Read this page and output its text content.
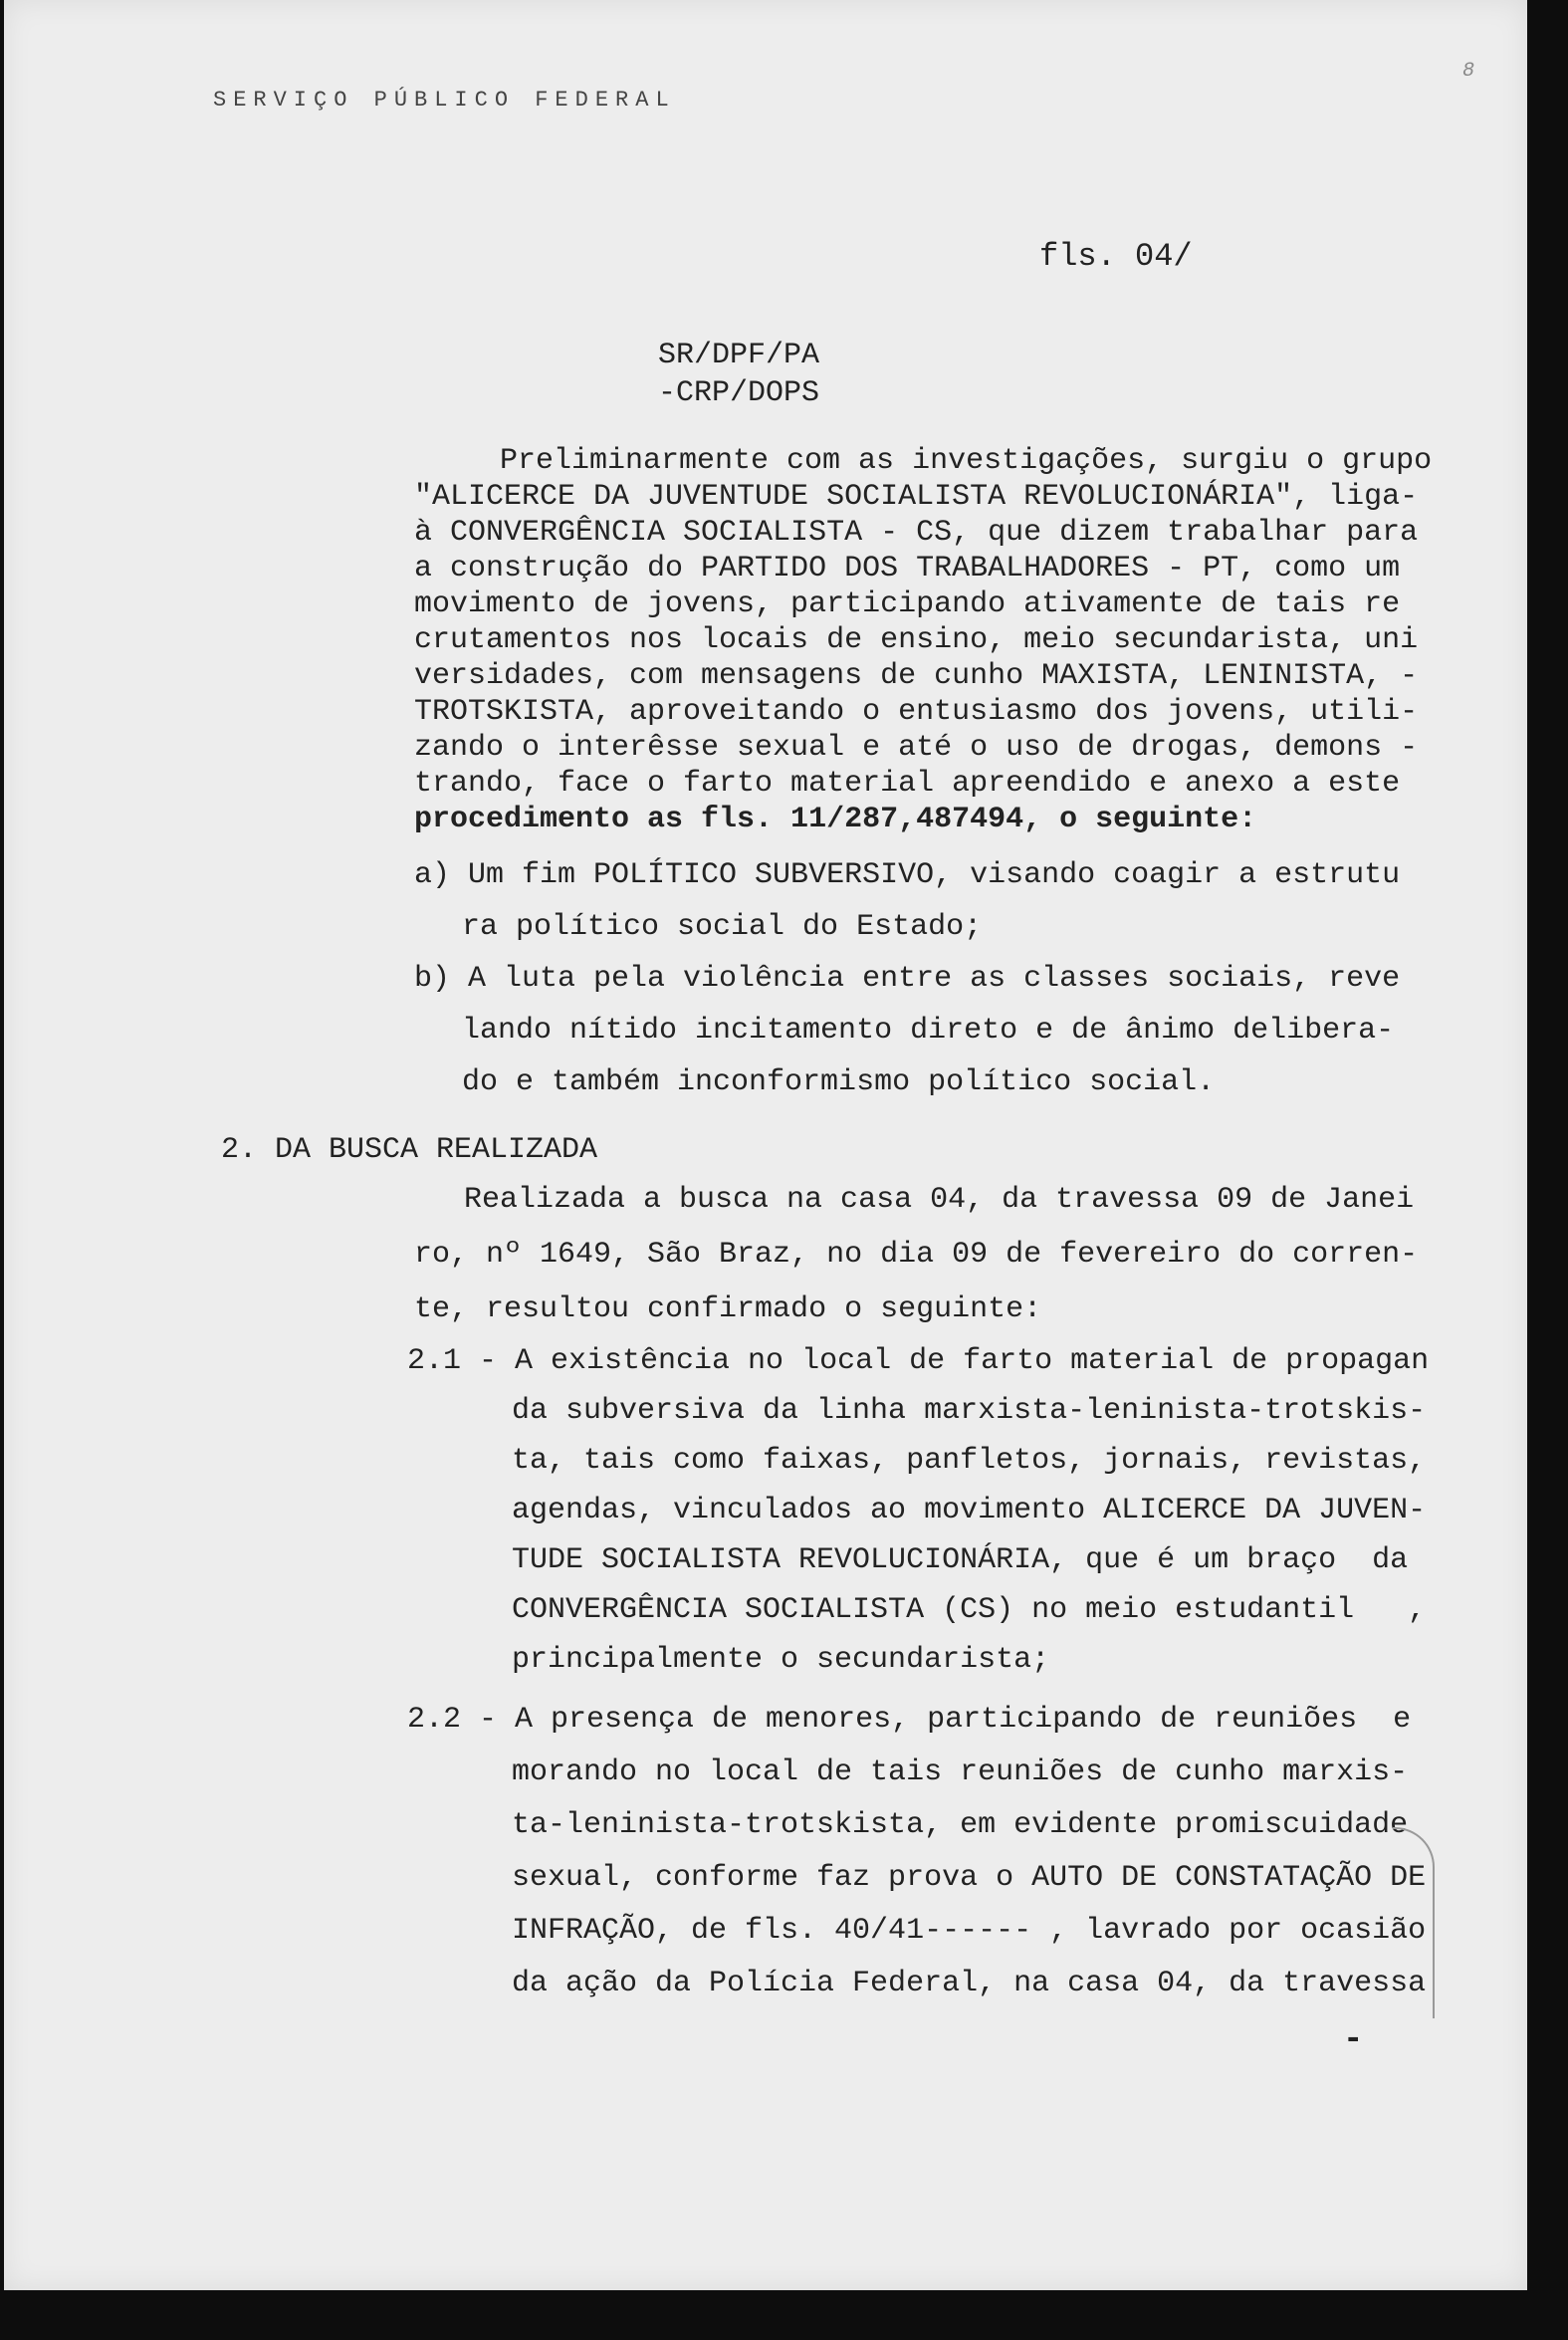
SERVIÇO PÚBLICO FEDERAL
8
fls. 04/
SR/DPF/PA
-CRP/DOPS
Preliminarmente com as investigações, surgiu o grupo
"ALICERCE DA JUVENTUDE SOCIALISTA REVOLUCIONÁRIA", liga-
à CONVERGÊNCIA SOCIALISTA - CS, que dizem trabalhar para
a construção do PARTIDO DOS TRABALHADORES - PT, como um
movimento de jovens, participando ativamente de tais re
crutamentos nos locais de ensino, meio secundarista, uni
versidades, com mensagens de cunho MAXISTA, LENINISTA, -
TROTSKISTA, aproveitando o entusiasmo dos jovens, utili-
zando o interêsse sexual e até o uso de drogas, demons -
trando, face o farto material apreendido e anexo a este
procedimento as fls. 11/287,487494, o seguinte:
a) Um fim POLÍTICO SUBVERSIVO, visando coagir a estrutu
ra político social do Estado;
b) A luta pela violência entre as classes sociais, reve
lando nítido incitamento direto e de ânimo delibera-
do e também inconformismo político social.
2. DA BUSCA REALIZADA
Realizada a busca na casa 04, da travessa 09 de Janei
ro, nº 1649, São Braz, no dia 09 de fevereiro do corren-
te, resultou confirmado o seguinte:
2.1 - A existência no local de farto material de propagan
da subversiva da linha marxista-leninista-trotskis-
ta, tais como faixas, panfletos, jornais, revistas,
agendas, vinculados ao movimento ALICERCE DA JUVEN-
TUDE SOCIALISTA REVOLUCIONÁRIA, que é um braço  da
CONVERGÊNCIA SOCIALISTA (CS) no meio estudantil   ,
principalmente o secundarista;
2.2 - A presença de menores, participando de reuniões  e
morando no local de tais reuniões de cunho marxis-
ta-leninista-trotskista, em evidente promiscuidade
sexual, conforme faz prova o AUTO DE CONSTATAÇÃO DE
INFRAÇÃO, de fls. 40/41------ , lavrado por ocasião
da ação da Polícia Federal, na casa 04, da travessa
-
